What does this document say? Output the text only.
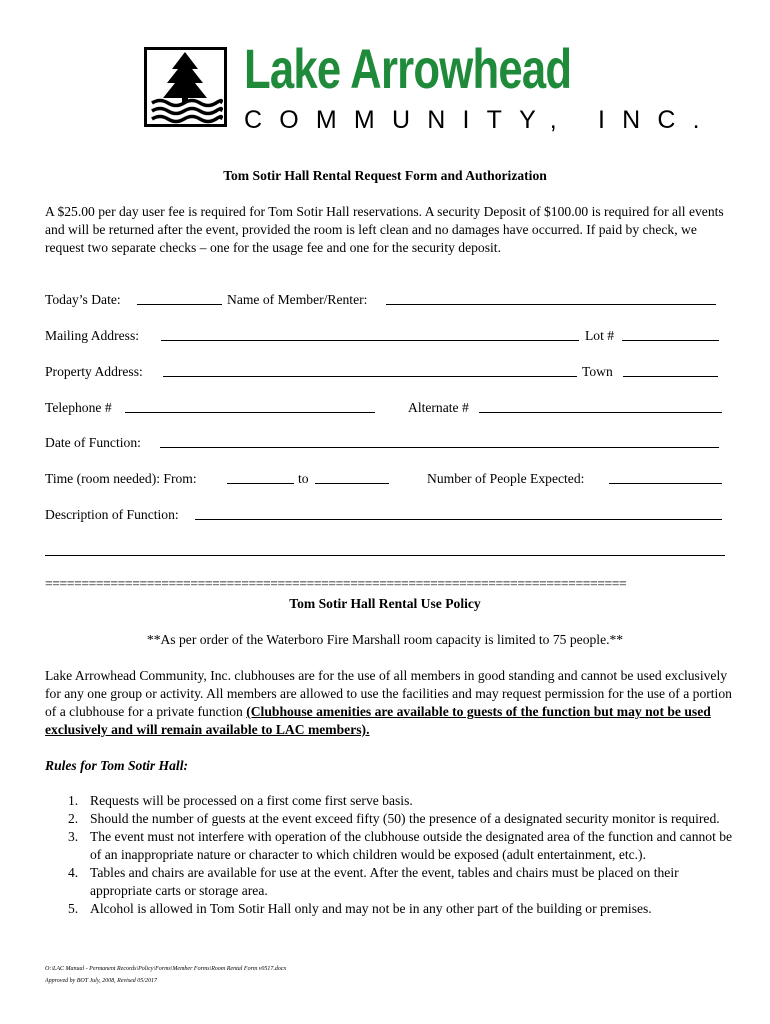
Lake Arrowhead
COMMUNITY, INC.
Tom Sotir Hall Rental Request Form and Authorization
A $25.00 per day user fee is required for Tom Sotir Hall reservations. A security Deposit of $100.00 is required for all events and will be returned after the event, provided the room is left clean and no damages have occurred. If paid by check, we request two separate checks – one for the usage fee and one for the security deposit.
Today’s Date:	Name of Member/Renter:
Mailing Address:	Lot #
Property Address:	Town
Telephone #	Alternate #
Date of Function:
Time (room needed): From:	to	Number of People Expected:
Description of Function:
================================================================================
Tom Sotir Hall Rental Use Policy
**As per order of the Waterboro Fire Marshall room capacity is limited to 75 people.**
Lake Arrowhead Community, Inc. clubhouses are for the use of all members in good standing and cannot be used exclusively for any one group or activity. All members are allowed to use the facilities and may request permission for the use of a portion of a clubhouse for a private function (Clubhouse amenities are available to guests of the function but may not be used exclusively and will remain available to LAC members).
Rules for Tom Sotir Hall:
1. Requests will be processed on a first come first serve basis.
2. Should the number of guests at the event exceed fifty (50) the presence of a designated security monitor is required.
3. The event must not interfere with operation of the clubhouse outside the designated area of the function and cannot be of an inappropriate nature or character to which children would be exposed (adult entertainment, etc.).
4. Tables and chairs are available for use at the event. After the event, tables and chairs must be placed on their appropriate carts or storage area.
5. Alcohol is allowed in Tom Sotir Hall only and may not be in any other part of the building or premises.
O:\LAC Manual - Permanent Records\Policy\Forms\Member Forms\Room Rental Form v0517.docx
Approved by BOT July, 2008, Revised 05/2017
